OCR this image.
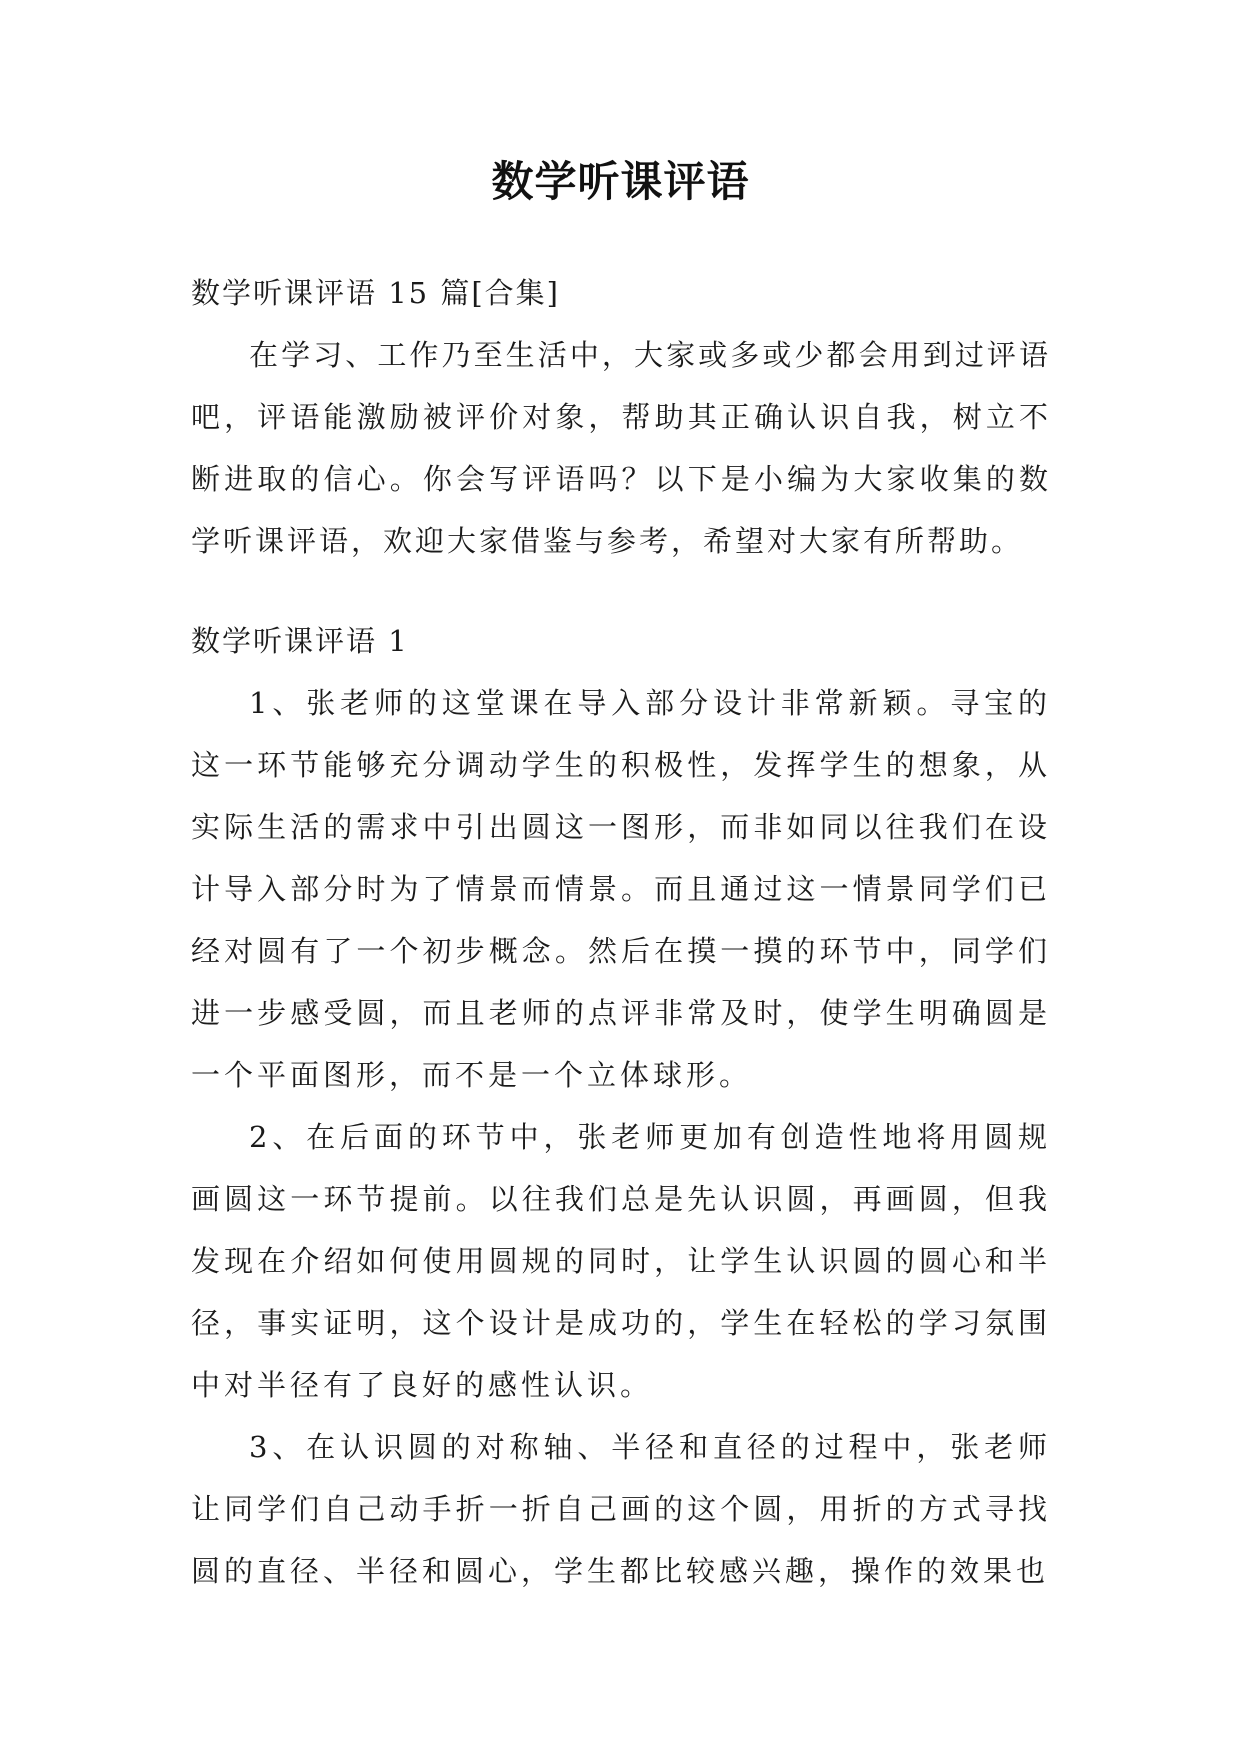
数学听课评语

数学听课评语 15 篇[合集]

在学习、工作乃至生活中，大家或多或少都会用到过评语吧，评语能激励被评价对象，帮助其正确认识自我，树立不断进取的信心。你会写评语吗？以下是小编为大家收集的数学听课评语，欢迎大家借鉴与参考，希望对大家有所帮助。

数学听课评语 1

1、张老师的这堂课在导入部分设计非常新颖。寻宝的这一环节能够充分调动学生的积极性，发挥学生的想象，从实际生活的需求中引出圆这一图形，而非如同以往我们在设计导入部分时为了情景而情景。而且通过这一情景同学们已经对圆有了一个初步概念。然后在摸一摸的环节中，同学们进一步感受圆，而且老师的点评非常及时，使学生明确圆是一个平面图形，而不是一个立体球形。

2、在后面的环节中，张老师更加有创造性地将用圆规画圆这一环节提前。以往我们总是先认识圆，再画圆，但我发现在介绍如何使用圆规的同时，让学生认识圆的圆心和半径，事实证明，这个设计是成功的，学生在轻松的学习氛围中对半径有了良好的感性认识。

3、在认识圆的对称轴、半径和直径的过程中，张老师让同学们自己动手折一折自己画的这个圆，用折的方式寻找圆的直径、半径和圆心，学生都比较感兴趣，操作的效果也
